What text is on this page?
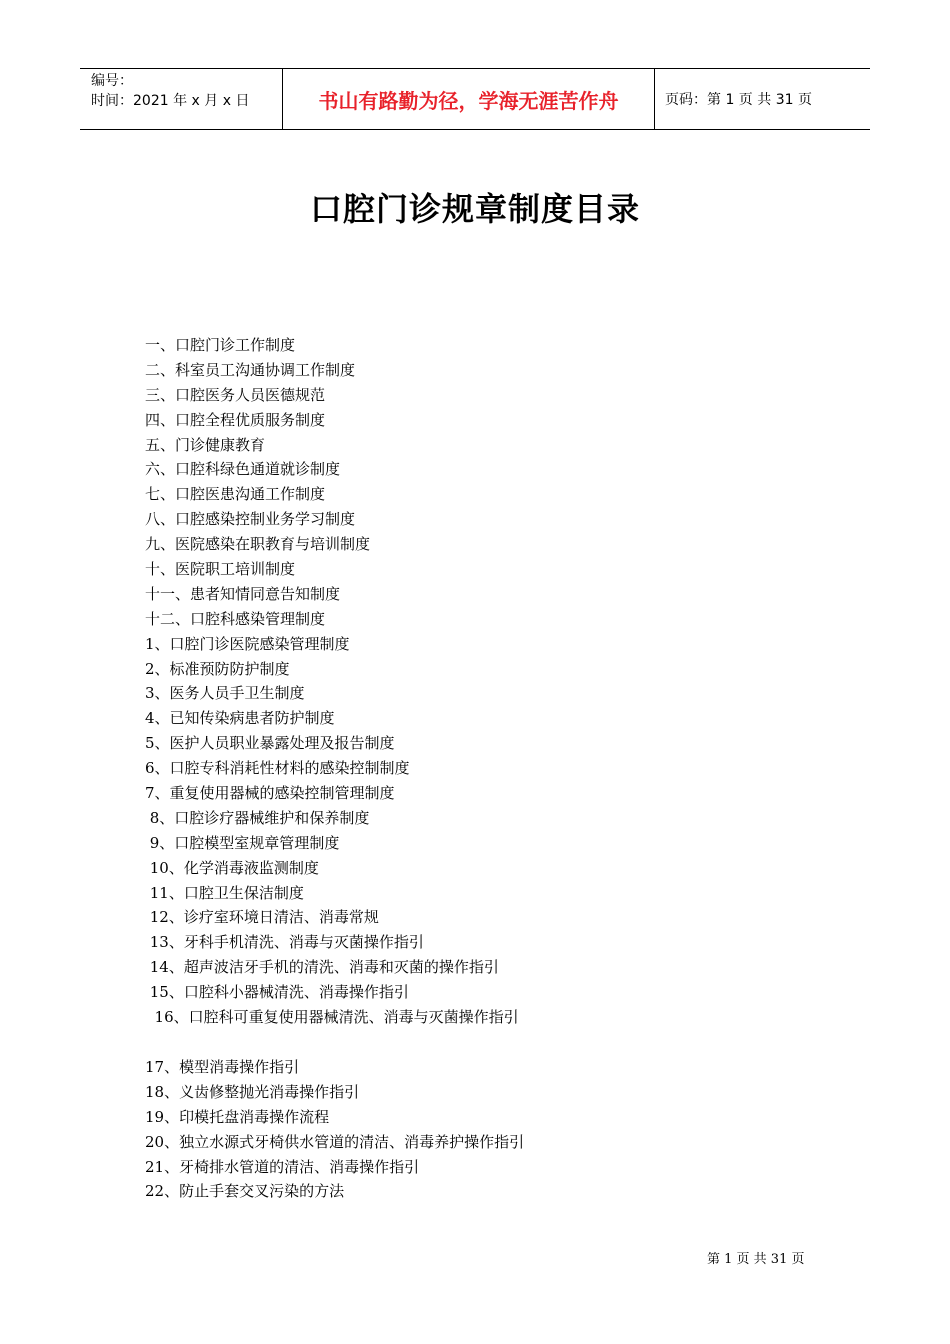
编号：
时间：2021 年 x 月 x 日	书山有路勤为径，学海无涯苦作舟	页码：第 1 页 共 31 页
口腔门诊规章制度目录
一、口腔门诊工作制度
二、科室员工沟通协调工作制度
三、口腔医务人员医德规范
四、口腔全程优质服务制度
五、门诊健康教育
六、口腔科绿色通道就诊制度
七、口腔医患沟通工作制度
八、口腔感染控制业务学习制度
九、医院感染在职教育与培训制度
十、医院职工培训制度
十一、患者知情同意告知制度
十二、口腔科感染管理制度
1、口腔门诊医院感染管理制度
2、标准预防防护制度
3、医务人员手卫生制度
4、已知传染病患者防护制度
5、医护人员职业暴露处理及报告制度
6、口腔专科消耗性材料的感染控制制度
7、重复使用器械的感染控制管理制度
8、口腔诊疗器械维护和保养制度
9、口腔模型室规章管理制度
10、化学消毒液监测制度
11、口腔卫生保洁制度
12、诊疗室环境日清洁、消毒常规
13、牙科手机清洗、消毒与灭菌操作指引
14、超声波洁牙手机的清洗、消毒和灭菌的操作指引
15、口腔科小器械清洗、消毒操作指引
16、口腔科可重复使用器械清洗、消毒与灭菌操作指引
17、模型消毒操作指引
18、义齿修整抛光消毒操作指引
19、印模托盘消毒操作流程
20、独立水源式牙椅供水管道的清洁、消毒养护操作指引
21、牙椅排水管道的清洁、消毒操作指引
22、防止手套交叉污染的方法
第 1 页 共 31 页
